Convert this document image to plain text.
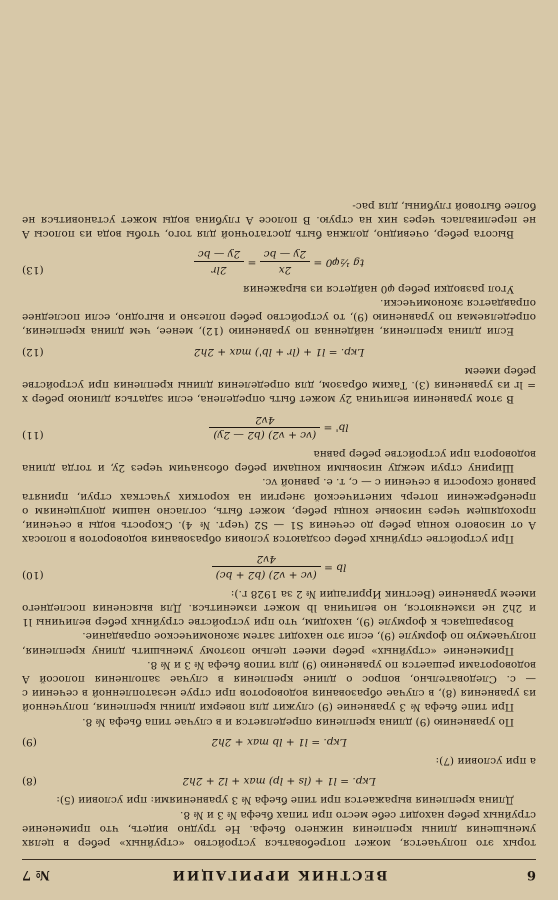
6
ВЕСТНИК ИРРИГАЦИИ
№ 7

торых это получается, может потребоваться устройство «струйных» ребер в целях уменьшения длины крепления нижнего бьефа. Не трудно видеть, что применение струйных ребер находит себе место при типах бьефа № 3 и № 8.

Длина крепления выражается при типе бьефа № 3 уравнениями: при условии (5):

Lкр. = l1 + (ls + lp) max + l2 + 2h2
(8)

а при условии (7):

Lкр. = l1 + lb max + 2h2
(9)

По уравнению (9) длина крепления определяется и в случае типа бьефа № 8.

При типе бьефа № 3 уравнение (9) служит для поверки длины крепления, полученной из уравнения (8), в случае образования водоворотов при струе незатопленной в сечении c — c. Следовательно, вопрос о длине крепления в случае заполнения полосой A водоворотами решается по уравнению (9) для типов бьефа № 3 и № 8.

Применение «струйных» ребер имеет целью поэтому уменьшить длину крепления, получаемую по формуле (9), если это находит затем экономическое оправдание.

Возвращаясь к формуле (9), находим, что при устройстве струйных ребер величины l1 и 2h2 не изменяются, но величина lb может измениться. Для выяснения последнего имеем уравнение (Вестник Ирригации № 2 за 1928 г.):

lb =
(vc + v2) (b2 + bc)
4v2
(10)

При устройстве струйных ребер создаются условия образования водоворотов в полосах A от низового конца ребер до сечения S1 — S2 (черт. № 4). Скорость воды в сечении, проходящем через низовые концы ребер, может быть, согласно нашим допущениям о пренебрежении потерь кинетической энергии на коротких участках струи, принята равной скорости в сечении c — c, т. е. равной vc.

Ширину струи между низовыми концами ребер обозначим через 2y, и тогда длина водоворота при устройстве ребер равна

lb' =
(vc + v2) (b2 — 2y)
4v2
(11)

В этом уравнении величина 2y может быть определена, если задаться длиною ребер x = lr из уравнения (3). Таким образом, для определения длины крепления при устройстве ребер имеем

Lкр. = l1 + (lr + lb') max + 2h2
(12)

Если длина крепления, найденная по уравнению (12), менее, чем длина крепления, определяемая по уравнению (9), то устройство ребер полезно и выгодно, если последнее оправдается экономически.

Угол разводки ребер φ0 найдется из выражения

tg ½φ0 =
2x
2y — bc
=
2lr
2y — bc
(13)

Высота ребер, очевидно, должна быть достаточной для того, чтобы вода из полосы A не переливалась через них на струю. В полосе A глубина воды может установиться не более бытовой глубины, для рас-
